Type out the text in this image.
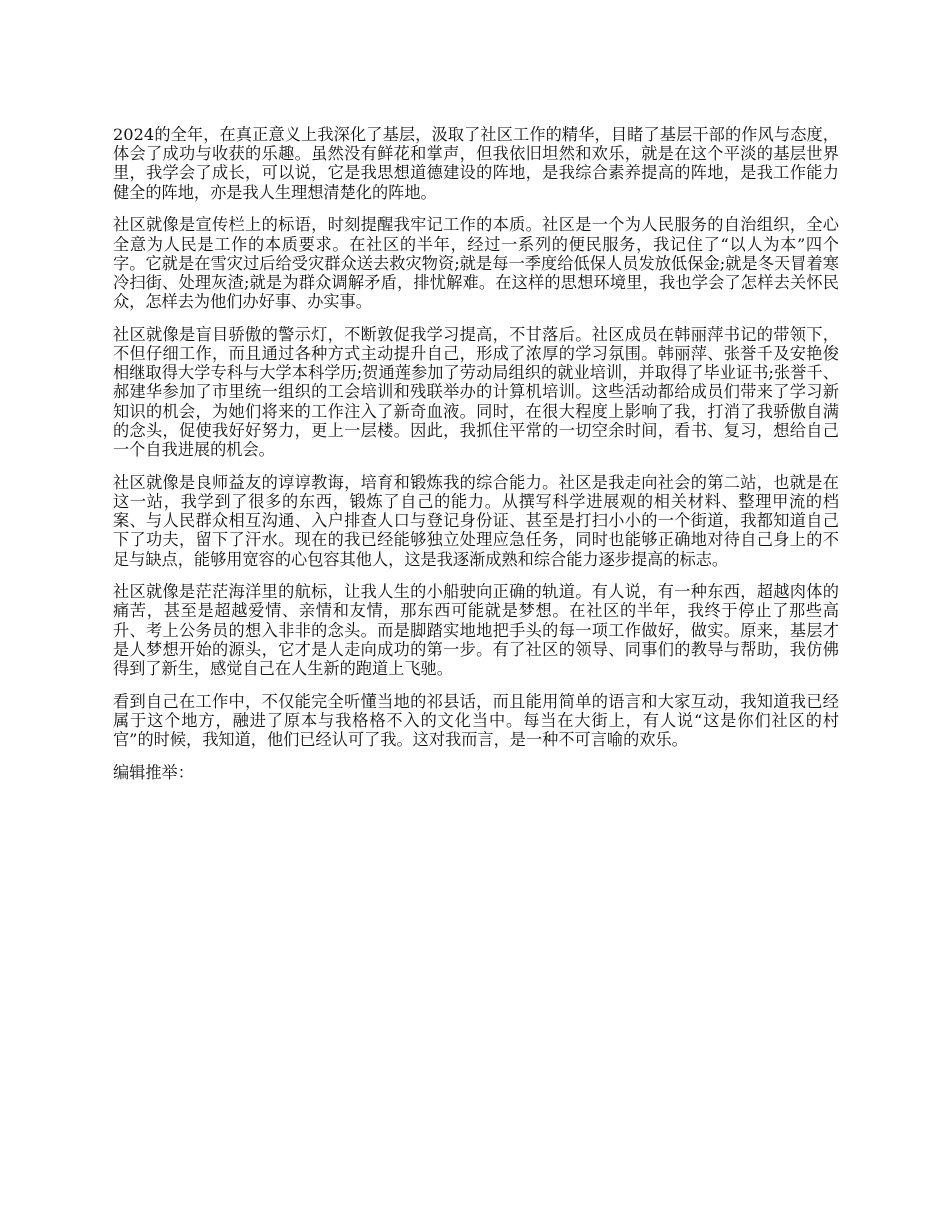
2024的全年，在真正意义上我深化了基层，汲取了社区工作的精华，目睹了基层干部的作风与态度，体会了成功与收获的乐趣。虽然没有鲜花和掌声，但我依旧坦然和欢乐，就是在这个平淡的基层世界里，我学会了成长，可以说，它是我思想道德建设的阵地，是我综合素养提高的阵地，是我工作能力健全的阵地，亦是我人生理想清楚化的阵地。

社区就像是宣传栏上的标语，时刻提醒我牢记工作的本质。社区是一个为人民服务的自治组织，全心全意为人民是工作的本质要求。在社区的半年，经过一系列的便民服务，我记住了“以人为本”四个字。它就是在雪灾过后给受灾群众送去救灾物资;就是每一季度给低保人员发放低保金;就是冬天冒着寒冷扫街、处理灰渣;就是为群众调解矛盾，排忧解难。在这样的思想环境里，我也学会了怎样去关怀民众，怎样去为他们办好事、办实事。

社区就像是盲目骄傲的警示灯，不断敦促我学习提高，不甘落后。社区成员在韩丽萍书记的带领下，不但仔细工作，而且通过各种方式主动提升自己，形成了浓厚的学习氛围。韩丽萍、张誉千及安艳俊相继取得大学专科与大学本科学历;贺通莲参加了劳动局组织的就业培训，并取得了毕业证书;张誉千、郝建华参加了市里统一组织的工会培训和残联举办的计算机培训。这些活动都给成员们带来了学习新知识的机会，为她们将来的工作注入了新奇血液。同时，在很大程度上影响了我，打消了我骄傲自满的念头，促使我好好努力，更上一层楼。因此，我抓住平常的一切空余时间，看书、复习，想给自己一个自我进展的机会。

社区就像是良师益友的谆谆教诲，培育和锻炼我的综合能力。社区是我走向社会的第二站，也就是在这一站，我学到了很多的东西，锻炼了自己的能力。从撰写科学进展观的相关材料、整理甲流的档案、与人民群众相互沟通、入户排查人口与登记身份证、甚至是打扫小小的一个街道，我都知道自己下了功夫，留下了汗水。现在的我已经能够独立处理应急任务，同时也能够正确地对待自己身上的不足与缺点，能够用宽容的心包容其他人，这是我逐渐成熟和综合能力逐步提高的标志。

社区就像是茫茫海洋里的航标，让我人生的小船驶向正确的轨道。有人说，有一种东西，超越肉体的痛苦，甚至是超越爱情、亲情和友情，那东西可能就是梦想。在社区的半年，我终于停止了那些高升、考上公务员的想入非非的念头。而是脚踏实地地把手头的每一项工作做好，做实。原来，基层才是人梦想开始的源头，它才是人走向成功的第一步。有了社区的领导、同事们的教导与帮助，我仿佛得到了新生，感觉自己在人生新的跑道上飞驰。

看到自己在工作中，不仅能完全听懂当地的祁县话，而且能用简单的语言和大家互动，我知道我已经属于这个地方，融进了原本与我格格不入的文化当中。每当在大街上，有人说“这是你们社区的村官”的时候，我知道，他们已经认可了我。这对我而言，是一种不可言喻的欢乐。

编辑推举：
